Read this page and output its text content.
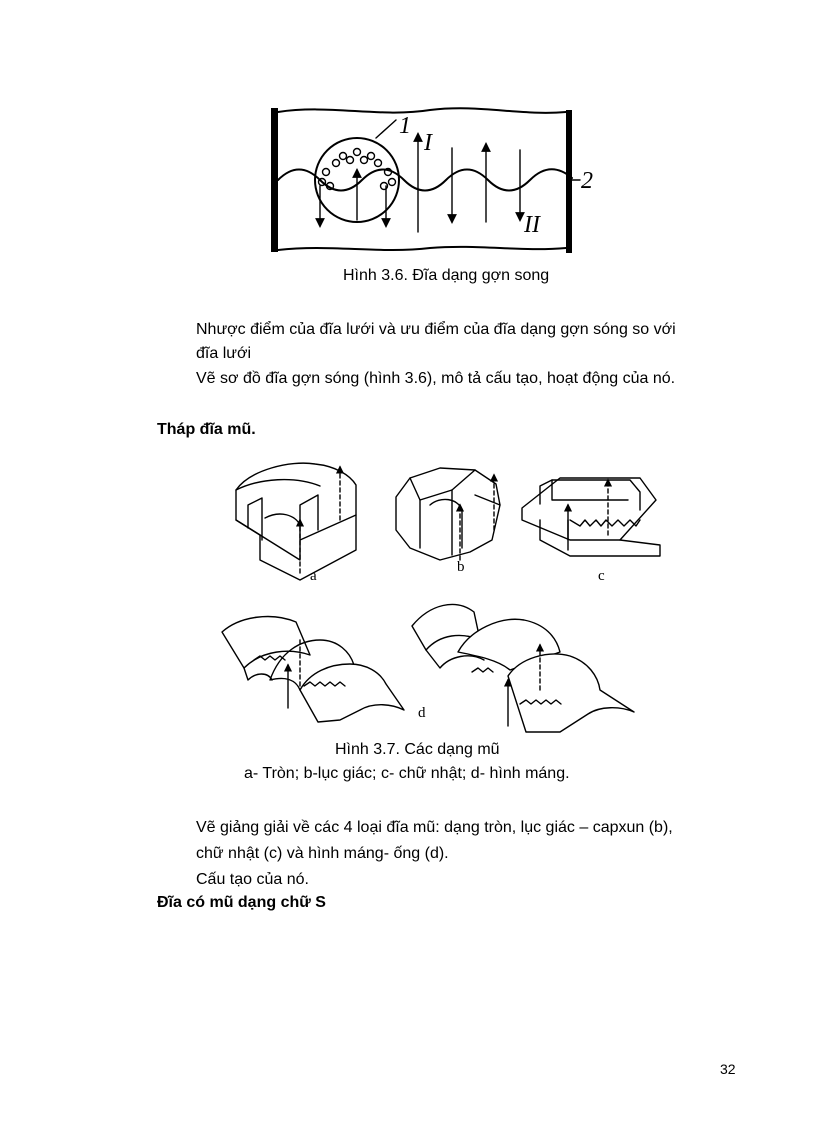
1
I
2
II
Hình 3.6. Đĩa dạng gợn song
Nhược điểm của đĩa lưới và ưu điểm của đĩa dạng gợn sóng so với
đĩa lưới
Vẽ sơ đồ đĩa gợn sóng (hình 3.6), mô tả cấu tạo, hoạt động của nó.
Tháp đĩa mũ.
a
b
c
d
Hình 3.7. Các dạng mũ
a- Tròn; b-lục giác; c- chữ nhật; d- hình máng.
Vẽ giảng giải về các 4 loại đĩa mũ: dạng tròn, lục giác – capxun (b),
chữ nhật (c) và hình máng- ống (d).
Cấu tạo của nó.
Đĩa có mũ dạng chữ S
32
